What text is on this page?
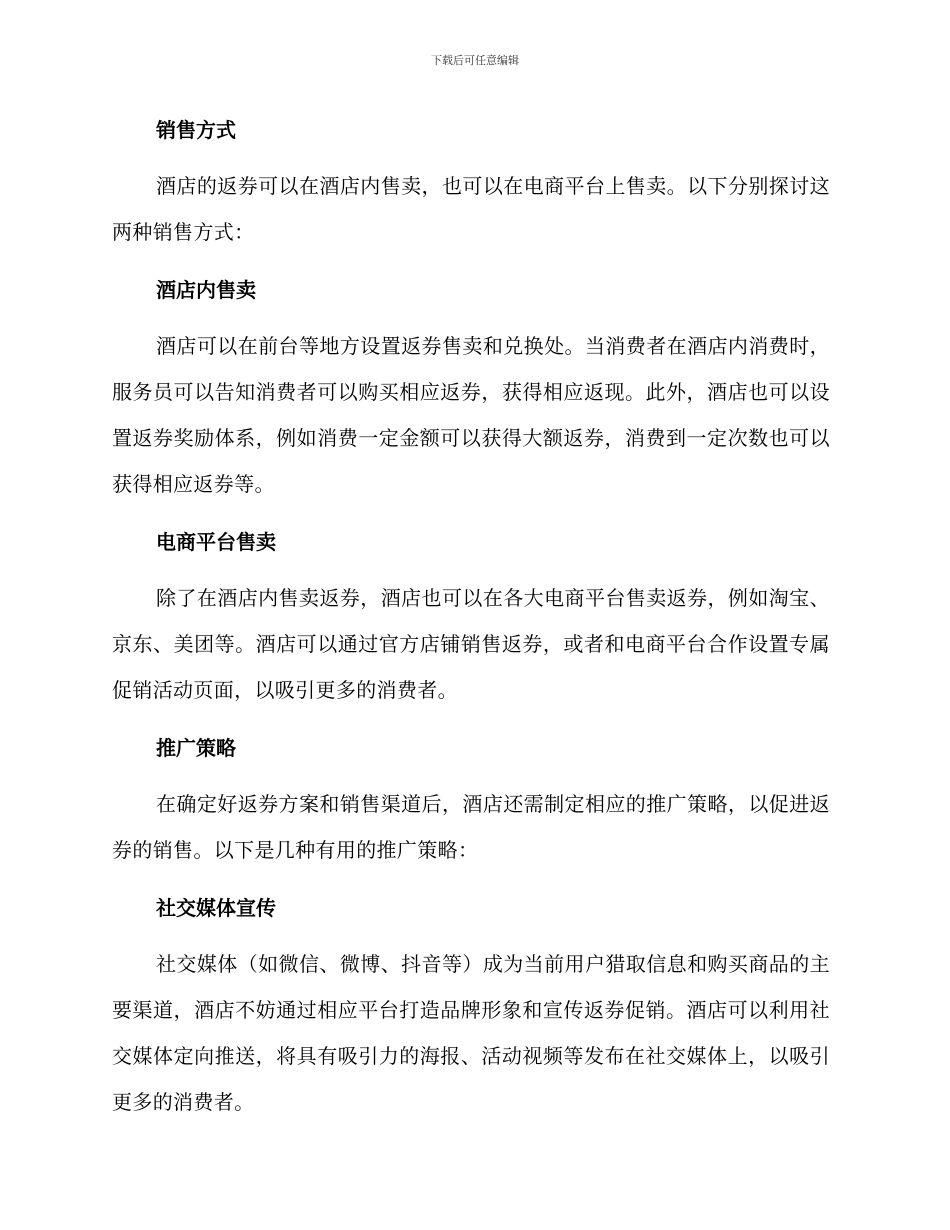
下载后可任意编辑
销售方式

酒店的返券可以在酒店内售卖，也可以在电商平台上售卖。以下分别探讨这两种销售方式：

酒店内售卖

酒店可以在前台等地方设置返券售卖和兑换处。当消费者在酒店内消费时，服务员可以告知消费者可以购买相应返券，获得相应返现。此外，酒店也可以设置返券奖励体系，例如消费一定金额可以获得大额返券，消费到一定次数也可以获得相应返券等。

电商平台售卖

除了在酒店内售卖返券，酒店也可以在各大电商平台售卖返券，例如淘宝、京东、美团等。酒店可以通过官方店铺销售返券，或者和电商平台合作设置专属促销活动页面，以吸引更多的消费者。

推广策略

在确定好返券方案和销售渠道后，酒店还需制定相应的推广策略，以促进返券的销售。以下是几种有用的推广策略：

社交媒体宣传

社交媒体（如微信、微博、抖音等）成为当前用户猎取信息和购买商品的主要渠道，酒店不妨通过相应平台打造品牌形象和宣传返券促销。酒店可以利用社交媒体定向推送，将具有吸引力的海报、活动视频等发布在社交媒体上，以吸引更多的消费者。
